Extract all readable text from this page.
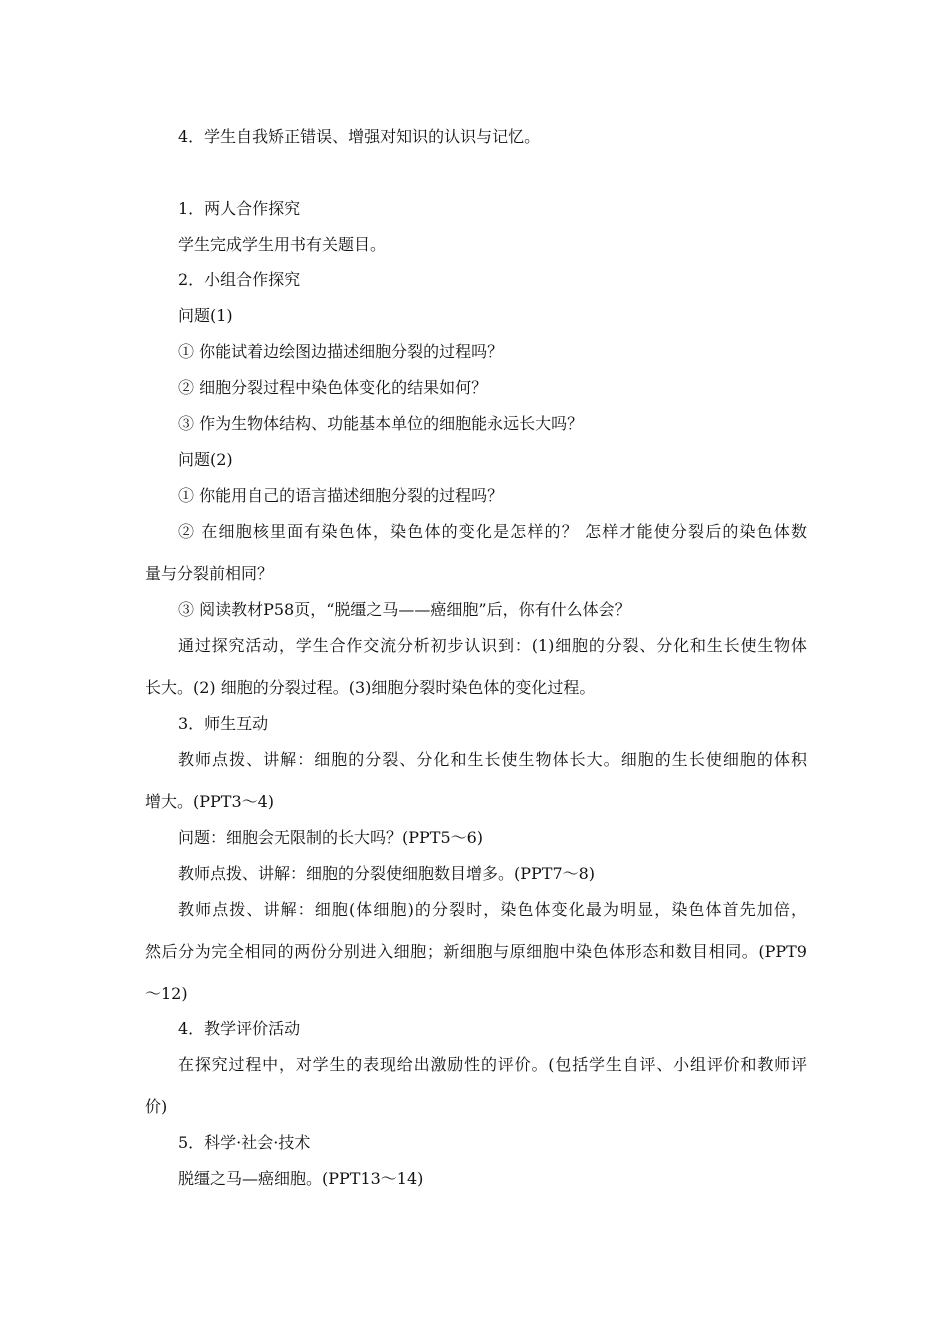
4．学生自我矫正错误、增强对知识的认识与记忆。
1．两人合作探究
学生完成学生用书有关题目。
2．小组合作探究
问题(1)
① 你能试着边绘图边描述细胞分裂的过程吗？
② 细胞分裂过程中染色体变化的结果如何？
③ 作为生物体结构、功能基本单位的细胞能永远长大吗？
问题(2)
① 你能用自己的语言描述细胞分裂的过程吗？
② 在细胞核里面有染色体，染色体的变化是怎样的？ 怎样才能使分裂后的染色体数
量与分裂前相同？
③ 阅读教材P58页，“脱缰之马——癌细胞”后，你有什么体会？
通过探究活动，学生合作交流分析初步认识到：(1)细胞的分裂、分化和生长使生物体
长大。(2) 细胞的分裂过程。(3)细胞分裂时染色体的变化过程。
3．师生互动
教师点拨、讲解：细胞的分裂、分化和生长使生物体长大。细胞的生长使细胞的体积
增大。(PPT3～4)
问题：细胞会无限制的长大吗？(PPT5～6)
教师点拨、讲解：细胞的分裂使细胞数目增多。(PPT7～8)
教师点拨、讲解：细胞(体细胞)的分裂时，染色体变化最为明显，染色体首先加倍，
然后分为完全相同的两份分别进入细胞；新细胞与原细胞中染色体形态和数目相同。(PPT9
～12)
4．教学评价活动
在探究过程中，对学生的表现给出激励性的评价。(包括学生自评、小组评价和教师评
价)
5．科学·社会·技术
脱缰之马—癌细胞。(PPT13～14)
